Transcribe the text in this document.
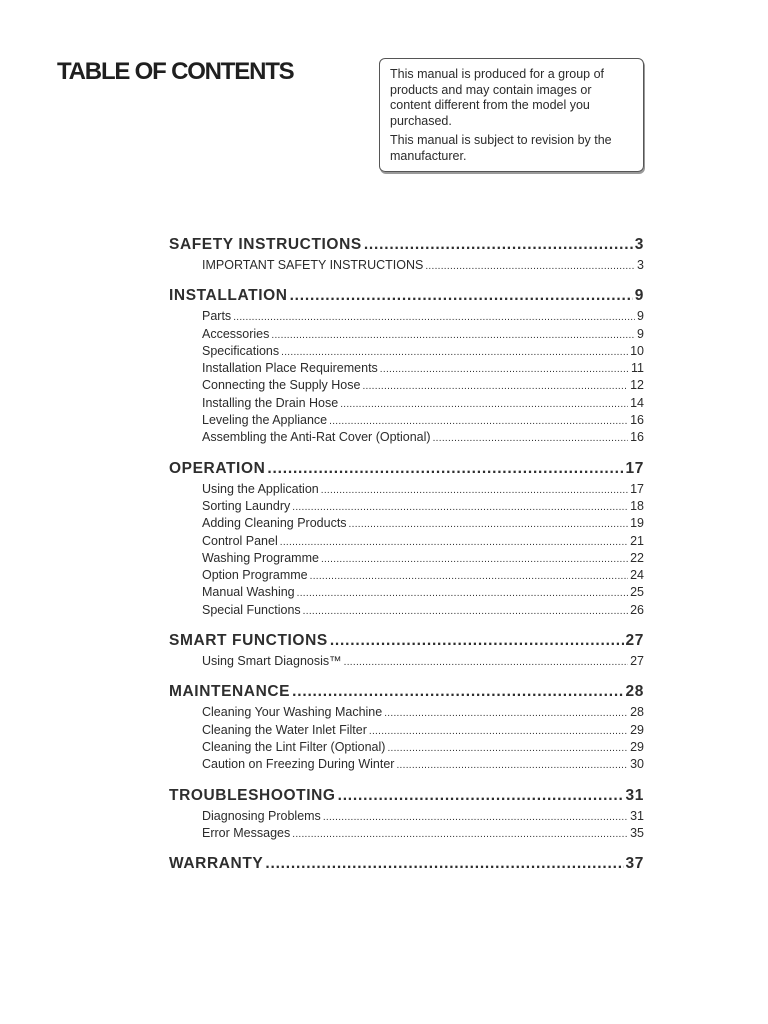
TABLE OF CONTENTS	This manual is produced for a group of products and may contain images or content different from the model you purchased.

This manual is subject to revision by the manufacturer.

SAFETY INSTRUCTIONS .....	3
IMPORTANT SAFETY INSTRUCTIONS .....	3
INSTALLATION .....	9
Parts .....	9
Accessories .....	9
Specifications .....	10
Installation Place Requirements .....	11
Connecting the Supply Hose .....	12
Installing the Drain Hose .....	14
Leveling the Appliance .....	16
Assembling the Anti-Rat Cover (Optional) .....	16
OPERATION .....	17
Using the Application .....	17
Sorting Laundry .....	18
Adding Cleaning Products .....	19
Control Panel .....	21
Washing Programme .....	22
Option Programme .....	24
Manual Washing .....	25
Special Functions .....	26
SMART FUNCTIONS .....	27
Using Smart Diagnosis™ .....	27
MAINTENANCE .....	28
Cleaning Your Washing Machine .....	28
Cleaning the Water Inlet Filter .....	29
Cleaning the Lint Filter (Optional) .....	29
Caution on Freezing During Winter .....	30
TROUBLESHOOTING .....	31
Diagnosing Problems .....	31
Error Messages .....	35
WARRANTY .....	37
